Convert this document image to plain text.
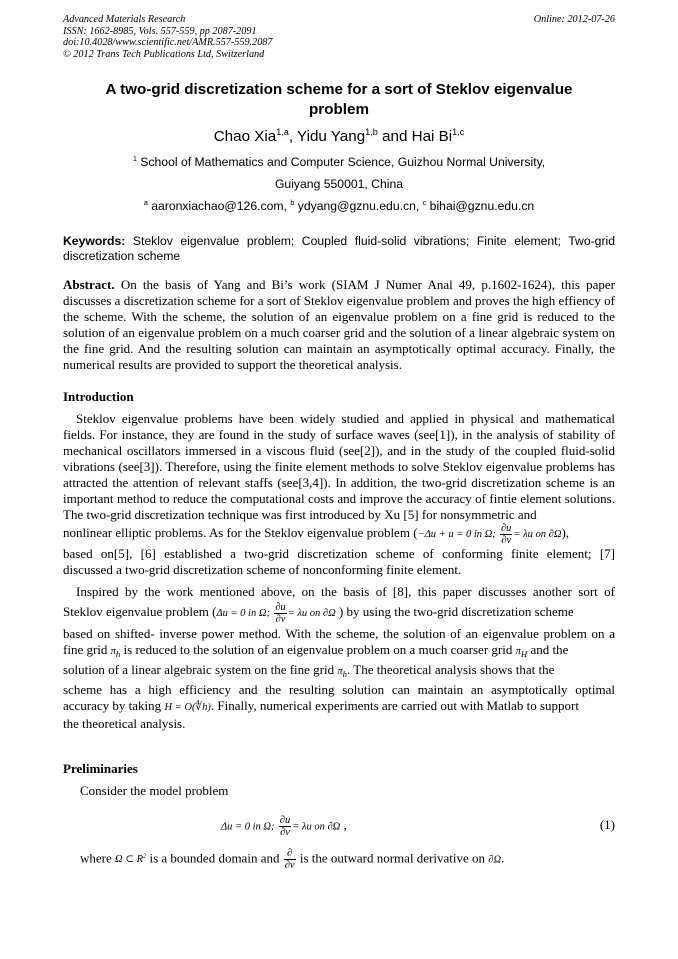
Advanced Materials Research	Online: 2012-07-26
ISSN: 1662-8985, Vols. 557-559, pp 2087-2091
doi:10.4028/www.scientific.net/AMR.557-559.2087
© 2012 Trans Tech Publications Ltd, Switzerland
A two-grid discretization scheme for a sort of Steklov eigenvalue
problem
Chao Xia$^{1,a}$, Yidu Yang$^{1,b}$ and Hai Bi$^{1,c}$
$^1$ School of Mathematics and Computer Science, Guizhou Normal University,
Guiyang 550001, China
$^a$ aaronxiachao@126.com, $^b$ ydyang@gznu.edu.cn, $^c$ bihai@gznu.edu.cn
Keywords: Steklov eigenvalue problem; Coupled fluid-solid vibrations; Finite element; Two-grid discretization scheme
Abstract. On the basis of Yang and Bi’s work (SIAM J Numer Anal 49, p.1602-1624), this paper discusses a discretization scheme for a sort of Steklov eigenvalue problem and proves the high effiency of the scheme. With the scheme, the solution of an eigenvalue problem on a fine grid is reduced to the solution of an eigenvalue problem on a much coarser grid and the solution of a linear algebraic system on the fine grid. And the resulting solution can maintain an asymptotically optimal accuracy. Finally, the numerical results are provided to support the theoretical analysis.
Introduction
Steklov eigenvalue problems have been widely studied and applied in physical and mathematical fields. For instance, they are found in the study of surface waves (see[1]), in the analysis of stability of mechanical oscillators immersed in a viscous fluid (see[2]), and in the study of the coupled fluid-solid vibrations (see[3]). Therefore, using the finite element methods to solve Steklov eigenvalue problems has attracted the attention of relevant staffs (see[3,4]). In addition, the two-grid discretization scheme is an important method to reduce the computational costs and improve the accuracy of fintie element solutions. The two-grid discretization technique was first introduced by Xu [5] for nonsymmetric and
nonlinear elliptic problems. As for the Steklov eigenvalue problem (−Δu + u = 0 in Ω; $\frac{\partial u}{\partial\nu} = \lambda u$ on ∂Ω),
based on[5], [6] established a two-grid discretization scheme of conforming finite element; [7]
discussed a two-grid discretization scheme of nonconforming finite element.
Inspired by the work mentioned above, on the basis of [8], this paper discusses another sort of
Steklov eigenvalue problem (Δu = 0 in Ω; $\frac{\partial u}{\partial\nu} = \lambda u$ on ∂Ω ) by using the two-grid discretization scheme
based on shifted- inverse power method. With the scheme, the solution of an eigenvalue problem on a
fine grid $\pi_h$ is reduced to the solution of an eigenvalue problem on a much coarser grid $\pi_H$ and the
solution of a linear algebraic system on the fine grid $\pi_h$. The theoretical analysis shows that the
scheme has a high efficiency and the resulting solution can maintain an asymptotically optimal
accuracy by taking H = O(∜h). Finally, numerical experiments are carried out with Matlab to support
the theoretical analysis.
Preliminaries
Consider the model problem
Δu = 0 in Ω; $\frac{\partial u}{\partial\nu} = \lambda u$ on ∂Ω ,	(1)
where Ω ⊂ $R^2$ is a bounded domain and $\frac{\partial}{\partial\nu}$ is the outward normal derivative on ∂Ω.
